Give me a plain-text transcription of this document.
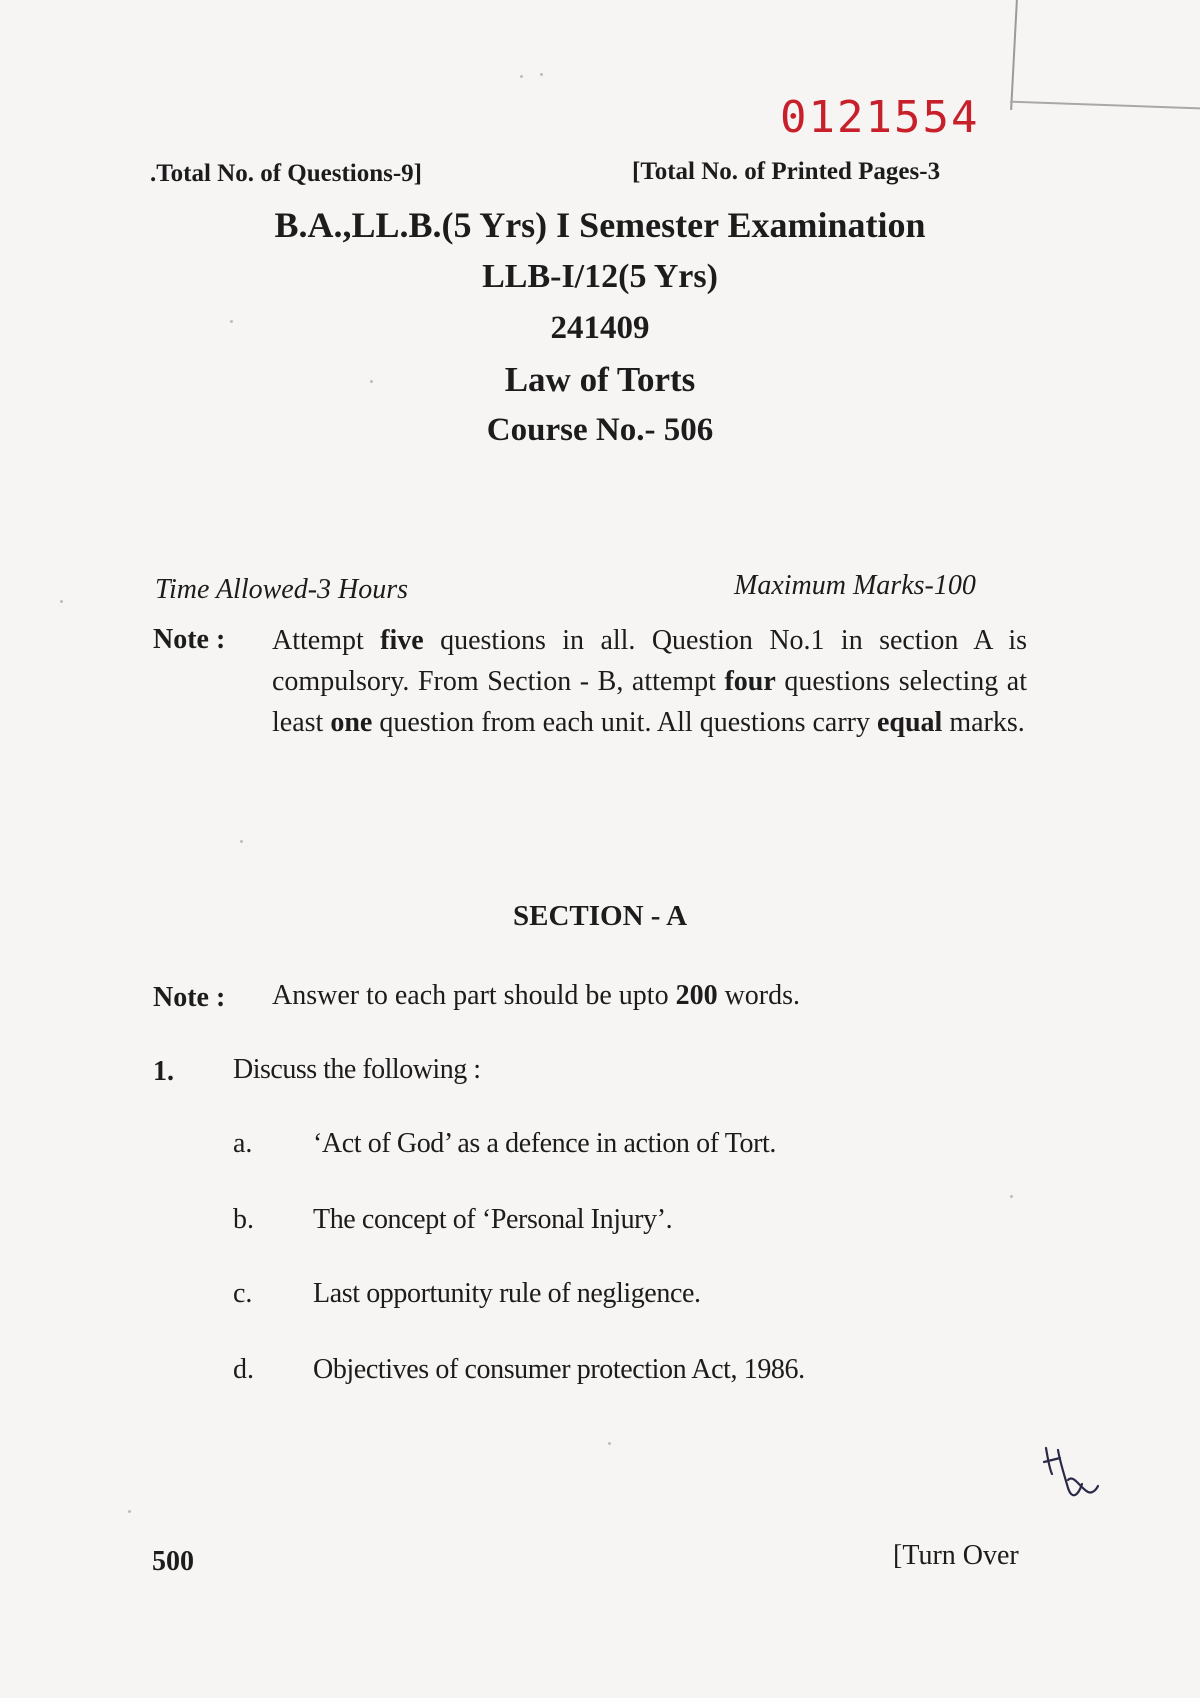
0121554
.Total No. of Questions-9]	[Total No. of Printed Pages-3
B.A.,LL.B.(5 Yrs) I Semester Examination
LLB-I/12(5 Yrs)
241409
Law of Torts
Course No.- 506
Time Allowed-3 Hours	Maximum Marks-100
Note : Attempt five questions in all. Question No.1 in section A is compulsory. From Section - B, attempt four questions selecting at least one question from each unit. All questions carry equal marks.
SECTION - A
Note : Answer to each part should be upto 200 words.
1. Discuss the following :
a. ‘Act of God’ as a defence in action of Tort.
b. The concept of ‘Personal Injury’.
c. Last opportunity rule of negligence.
d. Objectives of consumer protection Act, 1986.
500	[Turn Over
